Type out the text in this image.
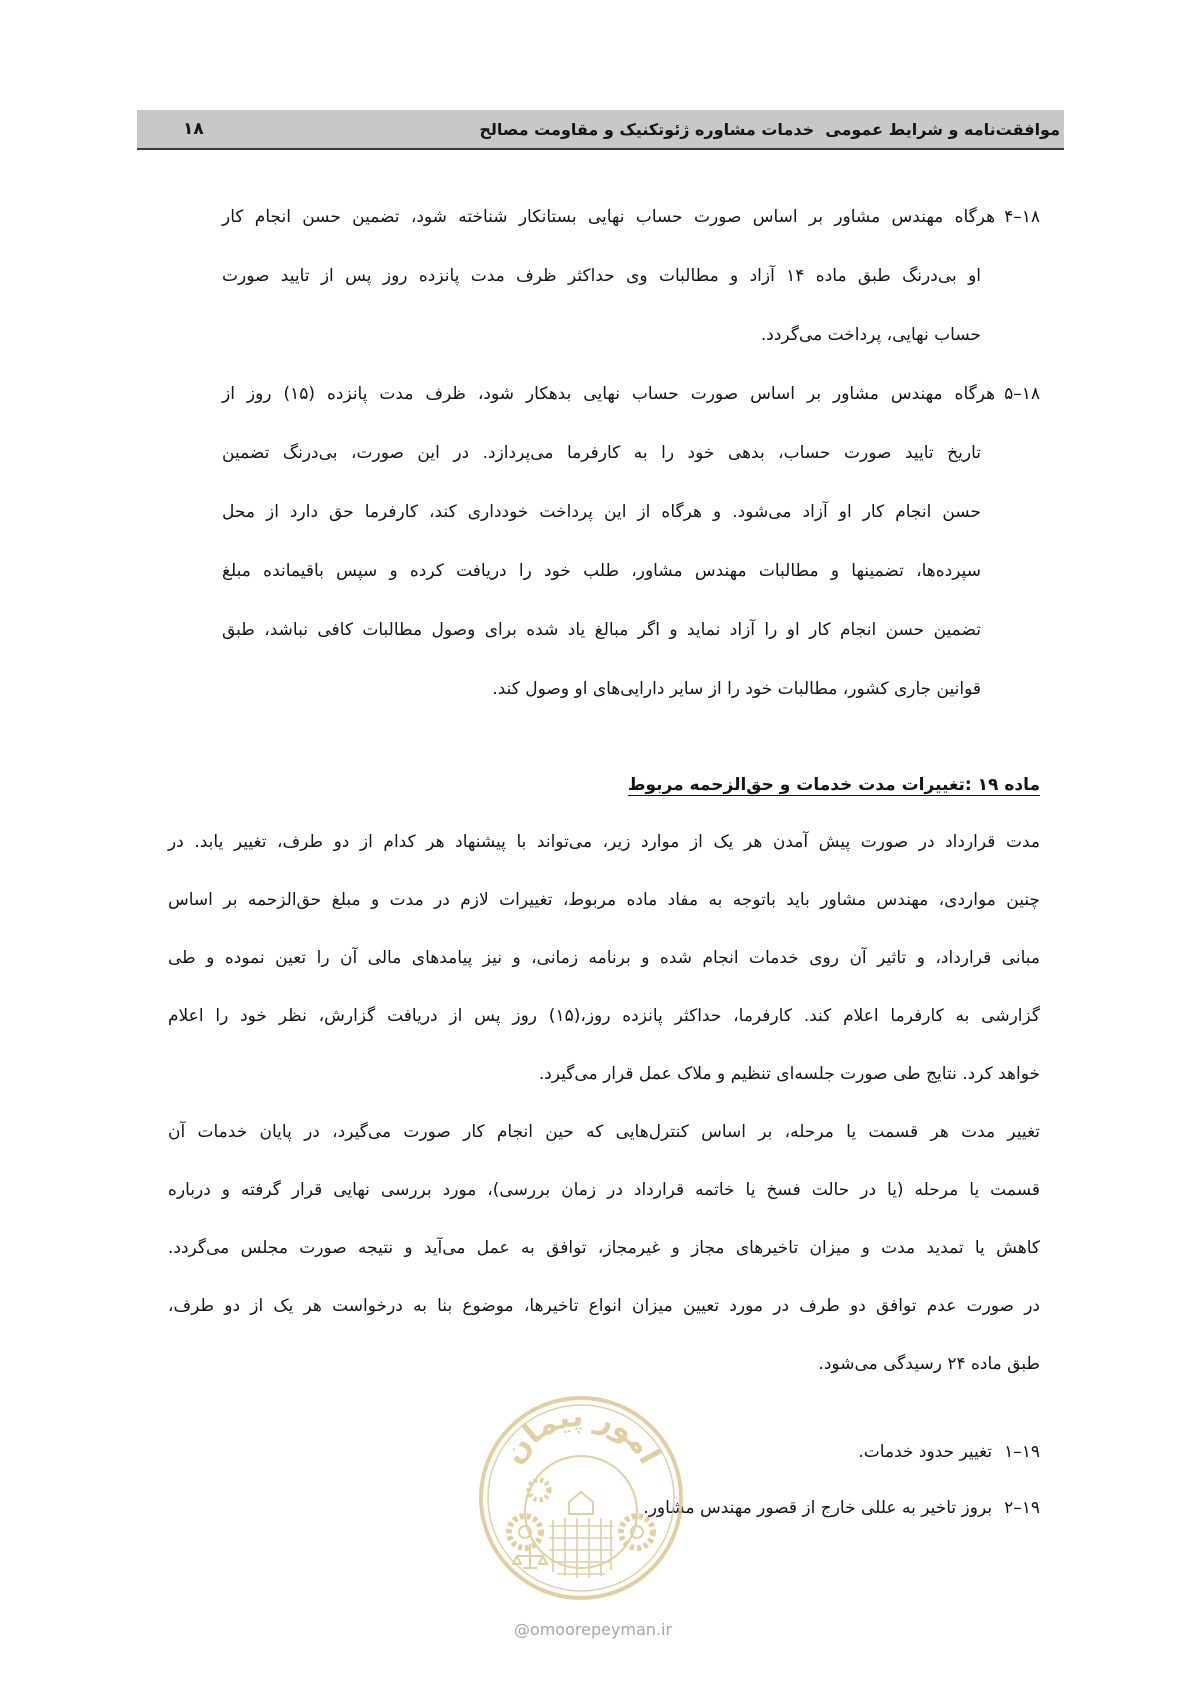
موافقت‌نامه و شرایط عمومی  خدمات مشاوره ژئوتکنیک و مقاومت مصالح
۱۸
۴–۱۸
هرگاه مهندس مشاور بر اساس صورت حساب نهایی بستانکار شناخته شود، تضمین حسن انجام کار
او بی‌درنگ طبق ماده ۱۴ آزاد و مطالبات وی حداکثر ظرف مدت پانزده روز پس از تایید صورت
حساب نهایی، پرداخت می‌گردد.
۵–۱۸
هرگاه مهندس مشاور بر اساس صورت حساب نهایی بدهکار شود، ظرف مدت پانزده (۱۵) روز از
تاریخ تایید صورت حساب، بدهی خود را به کارفرما می‌پردازد. در این صورت، بی‌درنگ تضمین
حسن انجام کار او آزاد می‌شود. و هرگاه از این پرداخت خودداری کند، کارفرما حق دارد از محل
سپرده‌ها، تضمینها و مطالبات مهندس مشاور، طلب خود را دریافت کرده و سپس باقیمانده مبلغ
تضمین حسن انجام کار او را آزاد نماید و اگر مبالغ یاد شده برای وصول مطالبات کافی نباشد، طبق
قوانین جاری کشور، مطالبات خود را از سایر دارایی‌های او وصول کند.
ماده ۱۹ :تغییرات مدت خدمات و حق‌الزحمه مربوط
مدت قرارداد در صورت پیش آمدن هر یک از موارد زیر، می‌تواند با پیشنهاد هر کدام از دو طرف، تغییر یابد. در
چنین مواردی، مهندس مشاور باید باتوجه به مفاد ماده مربوط، تغییرات لازم در مدت و مبلغ حق‌الزحمه بر اساس
مبانی قرارداد، و تاثیر آن روی خدمات انجام شده و برنامه زمانی، و نیز پیامدهای مالی آن را تعین نموده و طی
گزارشی به کارفرما اعلام کند. کارفرما، حداکثر پانزده روز،(۱۵) روز پس از دریافت گزارش، نظر خود را اعلام
خواهد کرد. نتایج طی صورت جلسه‌ای تنظیم و ملاک عمل قرار می‌گیرد.
تغییر مدت هر قسمت یا مرحله، بر اساس کنترل‌هایی که حین انجام کار صورت می‌گیرد، در پایان خدمات آن
قسمت یا مرحله (یا در حالت فسخ یا خاتمه قرارداد در زمان بررسی)، مورد بررسی نهایی قرار گرفته و درباره
کاهش یا تمدید مدت و میزان تاخیرهای مجاز و غیرمجاز، توافق به عمل می‌آید و نتیجه صورت مجلس می‌گردد.
در صورت عدم توافق دو طرف در مورد تعیین میزان انواع تاخیرها، موضوع بنا به درخواست هر یک از دو طرف،
طبق ماده ۲۴ رسیدگی می‌شود.
۱–۱۹
تغییر حدود خدمات.
۲–۱۹
بروز تاخیر به عللی خارج از قصور مهندس مشاور.
امور پیمان
@omoorepeyman.ir
